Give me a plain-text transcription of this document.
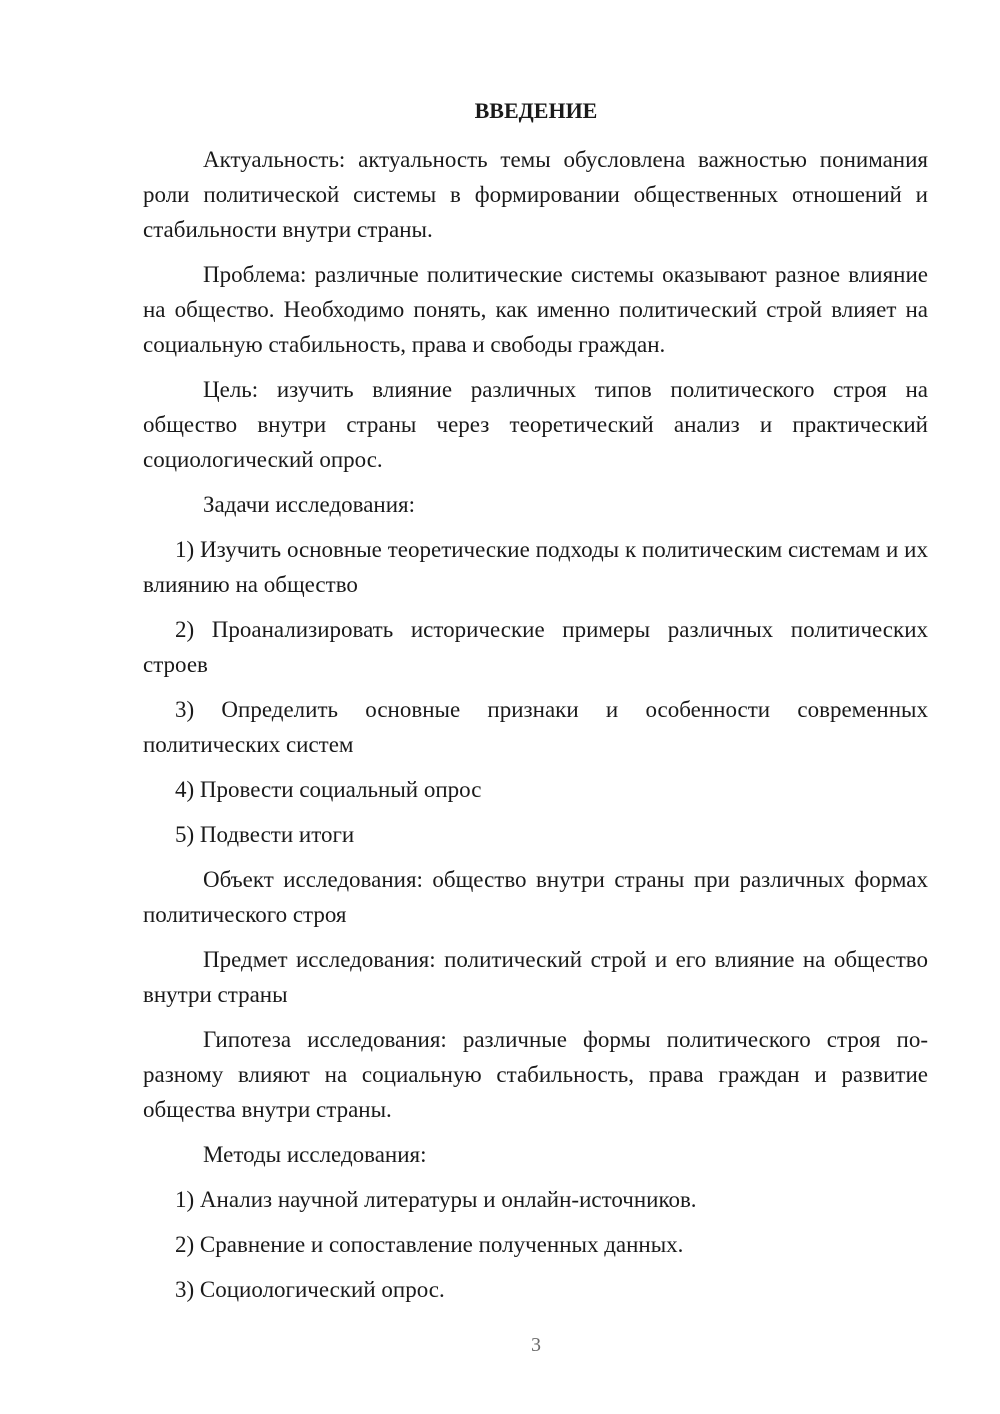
ВВЕДЕНИЕ

Актуальность: актуальность темы обусловлена важностью понимания роли политической системы в формировании общественных отношений и стабильности внутри страны.

Проблема: различные политические системы оказывают разное влияние на общество. Необходимо понять, как именно политический строй влияет на социальную стабильность, права и свободы граждан.

Цель: изучить влияние различных типов политического строя на общество внутри страны через теоретический анализ и практический социологический опрос.

Задачи исследования:

1) Изучить основные теоретические подходы к политическим системам и их влиянию на общество

2) Проанализировать исторические примеры различных политических строев

3) Определить основные признаки и особенности современных политических систем

4) Провести социальный опрос

5) Подвести итоги

Объект исследования: общество внутри страны при различных формах политического строя

Предмет исследования: политический строй и его влияние на общество внутри страны

Гипотеза исследования: различные формы политического строя по-разному влияют на социальную стабильность, права граждан и развитие общества внутри страны.

Методы исследования:

1) Анализ научной литературы и онлайн-источников.

2) Сравнение и сопоставление полученных данных.

3) Социологический опрос.

3
